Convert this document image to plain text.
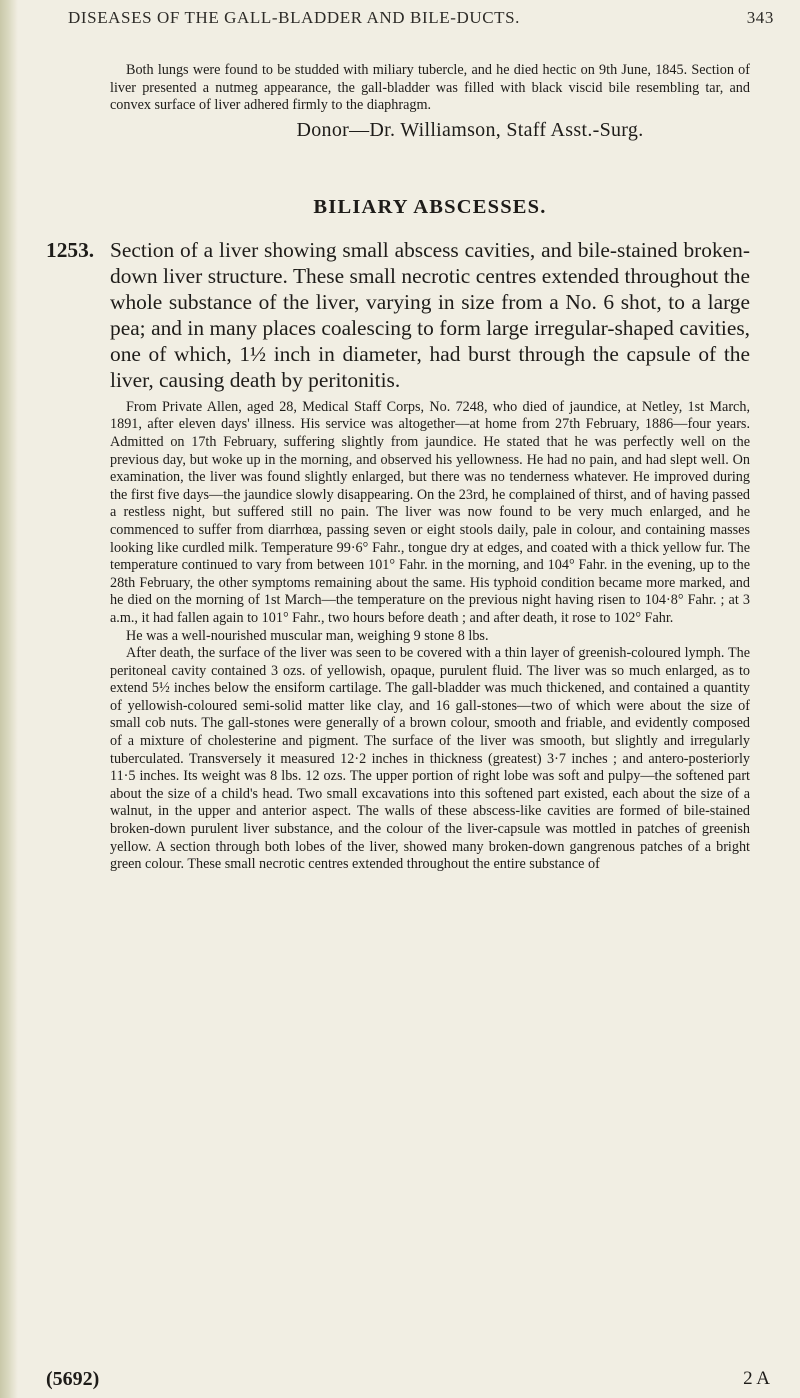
DISEASES OF THE GALL-BLADDER AND BILE-DUCTS.	343

Both lungs were found to be studded with miliary tubercle, and he died hectic on 9th June, 1845. Section of liver presented a nutmeg appearance, the gall-bladder was filled with black viscid bile resembling tar, and convex surface of liver adhered firmly to the diaphragm.

Donor—Dr. Williamson, Staff Asst.-Surg.

BILIARY ABSCESSES.
1253. Section of a liver showing small abscess cavities, and bile-stained broken-down liver structure. These small necrotic centres extended throughout the whole substance of the liver, varying in size from a No. 6 shot, to a large pea; and in many places coalescing to form large irregular-shaped cavities, one of which, 1½ inch in diameter, had burst through the capsule of the liver, causing death by peritonitis.

From Private Allen, aged 28, Medical Staff Corps, No. 7248, who died of jaundice, at Netley, 1st March, 1891, after eleven days' illness. His service was altogether—at home from 27th February, 1886—four years. Admitted on 17th February, suffering slightly from jaundice. He stated that he was perfectly well on the previous day, but woke up in the morning, and observed his yellowness. He had no pain, and had slept well. On examination, the liver was found slightly enlarged, but there was no tenderness whatever. He improved during the first five days—the jaundice slowly disappearing. On the 23rd, he complained of thirst, and of having passed a restless night, but suffered still no pain. The liver was now found to be very much enlarged, and he commenced to suffer from diarrhœa, passing seven or eight stools daily, pale in colour, and containing masses looking like curdled milk. Temperature 99·6° Fahr., tongue dry at edges, and coated with a thick yellow fur. The temperature continued to vary from between 101° Fahr. in the morning, and 104° Fahr. in the evening, up to the 28th February, the other symptoms remaining about the same. His typhoid condition became more marked, and he died on the morning of 1st March—the temperature on the previous night having risen to 104·8° Fahr. ; at 3 a.m., it had fallen again to 101° Fahr., two hours before death ; and after death, it rose to 102° Fahr.

He was a well-nourished muscular man, weighing 9 stone 8 lbs.

After death, the surface of the liver was seen to be covered with a thin layer of greenish-coloured lymph. The peritoneal cavity contained 3 ozs. of yellowish, opaque, purulent fluid. The liver was so much enlarged, as to extend 5½ inches below the ensiform cartilage. The gall-bladder was much thickened, and contained a quantity of yellowish-coloured semi-solid matter like clay, and 16 gall-stones—two of which were about the size of small cob nuts. The gall-stones were generally of a brown colour, smooth and friable, and evidently composed of a mixture of cholesterine and pigment. The surface of the liver was smooth, but slightly and irregularly tuberculated. Transversely it measured 12·2 inches in thickness (greatest) 3·7 inches ; and antero-posteriorly 11·5 inches. Its weight was 8 lbs. 12 ozs. The upper portion of right lobe was soft and pulpy—the softened part about the size of a child's head. Two small excavations into this softened part existed, each about the size of a walnut, in the upper and anterior aspect. The walls of these abscess-like cavities are formed of bile-stained broken-down purulent liver substance, and the colour of the liver-capsule was mottled in patches of greenish yellow. A section through both lobes of the liver, showed many broken-down gangrenous patches of a bright green colour. These small necrotic centres extended throughout the entire substance of

(5692)	2 A
